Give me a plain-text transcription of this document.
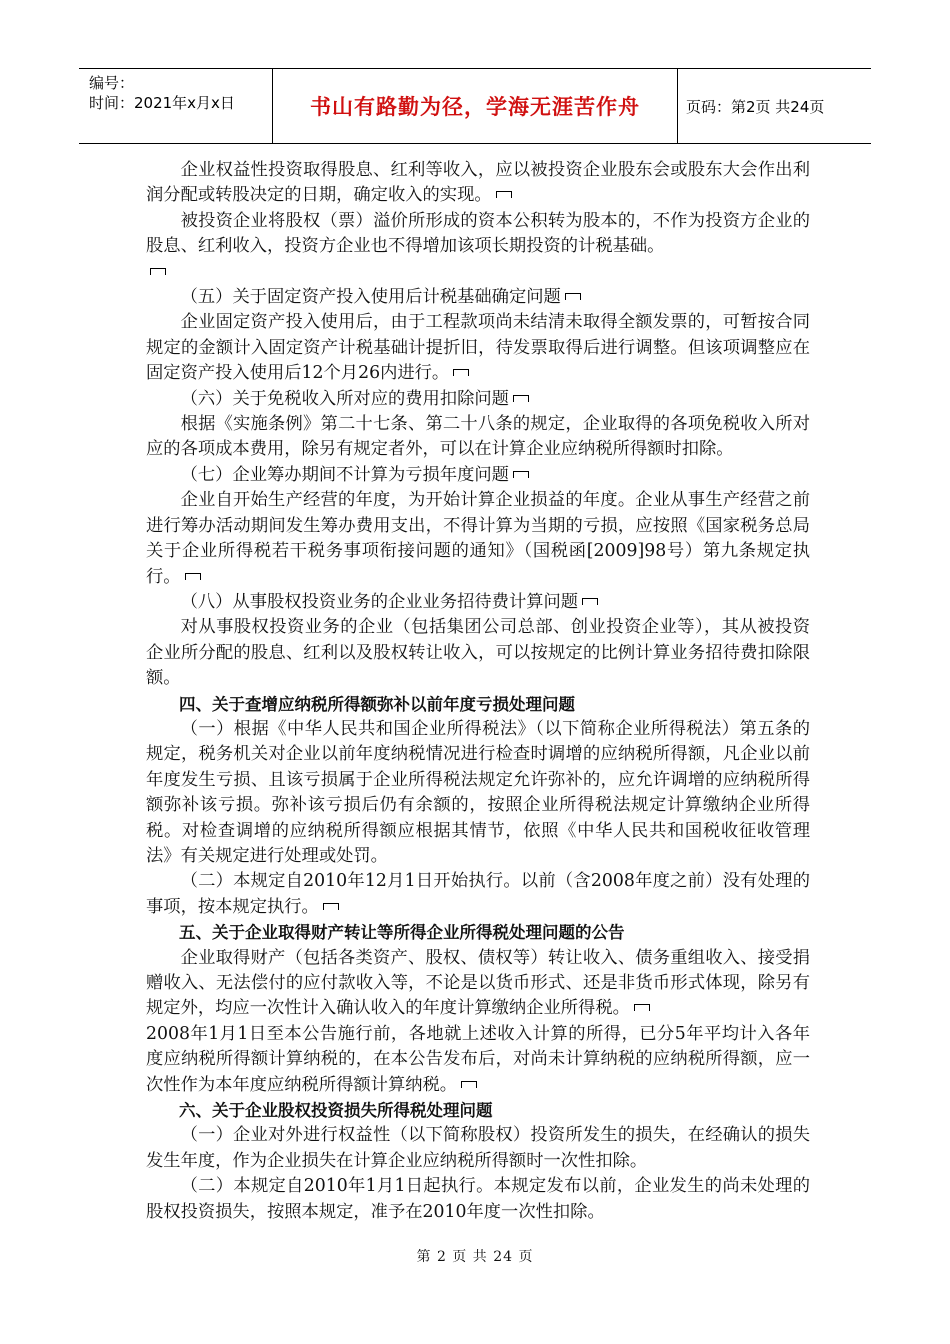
编号：
时间：2021年x月x日	书山有路勤为径，学海无涯苦作舟	页码：第2页 共24页

企业权益性投资取得股息、红利等收入，应以被投资企业股东会或股东大会作出利润分配或转股决定的日期，确定收入的实现。

被投资企业将股权（票）溢价所形成的资本公积转为股本的，不作为投资方企业的股息、红利收入，投资方企业也不得增加该项长期投资的计税基础。

（五）关于固定资产投入使用后计税基础确定问题

企业固定资产投入使用后，由于工程款项尚未结清未取得全额发票的，可暂按合同规定的金额计入固定资产计税基础计提折旧，待发票取得后进行调整。但该项调整应在固定资产投入使用后12个月26内进行。

（六）关于免税收入所对应的费用扣除问题

根据《实施条例》第二十七条、第二十八条的规定，企业取得的各项免税收入所对应的各项成本费用，除另有规定者外，可以在计算企业应纳税所得额时扣除。

（七）企业筹办期间不计算为亏损年度问题

企业自开始生产经营的年度，为开始计算企业损益的年度。企业从事生产经营之前进行筹办活动期间发生筹办费用支出，不得计算为当期的亏损，应按照《国家税务总局关于企业所得税若干税务事项衔接问题的通知》（国税函[2009]98号）第九条规定执行。

（八）从事股权投资业务的企业业务招待费计算问题

对从事股权投资业务的企业（包括集团公司总部、创业投资企业等），其从被投资企业所分配的股息、红利以及股权转让收入，可以按规定的比例计算业务招待费扣除限额。

四、关于查增应纳税所得额弥补以前年度亏损处理问题

（一）根据《中华人民共和国企业所得税法》（以下简称企业所得税法）第五条的规定，税务机关对企业以前年度纳税情况进行检查时调增的应纳税所得额，凡企业以前年度发生亏损、且该亏损属于企业所得税法规定允许弥补的，应允许调增的应纳税所得额弥补该亏损。弥补该亏损后仍有余额的，按照企业所得税法规定计算缴纳企业所得税。对检查调增的应纳税所得额应根据其情节，依照《中华人民共和国税收征收管理法》有关规定进行处理或处罚。

（二）本规定自2010年12月1日开始执行。以前（含2008年度之前）没有处理的事项，按本规定执行。

五、关于企业取得财产转让等所得企业所得税处理问题的公告

企业取得财产（包括各类资产、股权、债权等）转让收入、债务重组收入、接受捐赠收入、无法偿付的应付款收入等，不论是以货币形式、还是非货币形式体现，除另有规定外，均应一次性计入确认收入的年度计算缴纳企业所得税。

2008年1月1日至本公告施行前，各地就上述收入计算的所得，已分5年平均计入各年度应纳税所得额计算纳税的，在本公告发布后，对尚未计算纳税的应纳税所得额，应一次性作为本年度应纳税所得额计算纳税。

六、关于企业股权投资损失所得税处理问题

（一）企业对外进行权益性（以下简称股权）投资所发生的损失，在经确认的损失发生年度，作为企业损失在计算企业应纳税所得额时一次性扣除。

（二）本规定自2010年1月1日起执行。本规定发布以前，企业发生的尚未处理的股权投资损失，按照本规定，准予在2010年度一次性扣除。

第 2 页 共 24 页
